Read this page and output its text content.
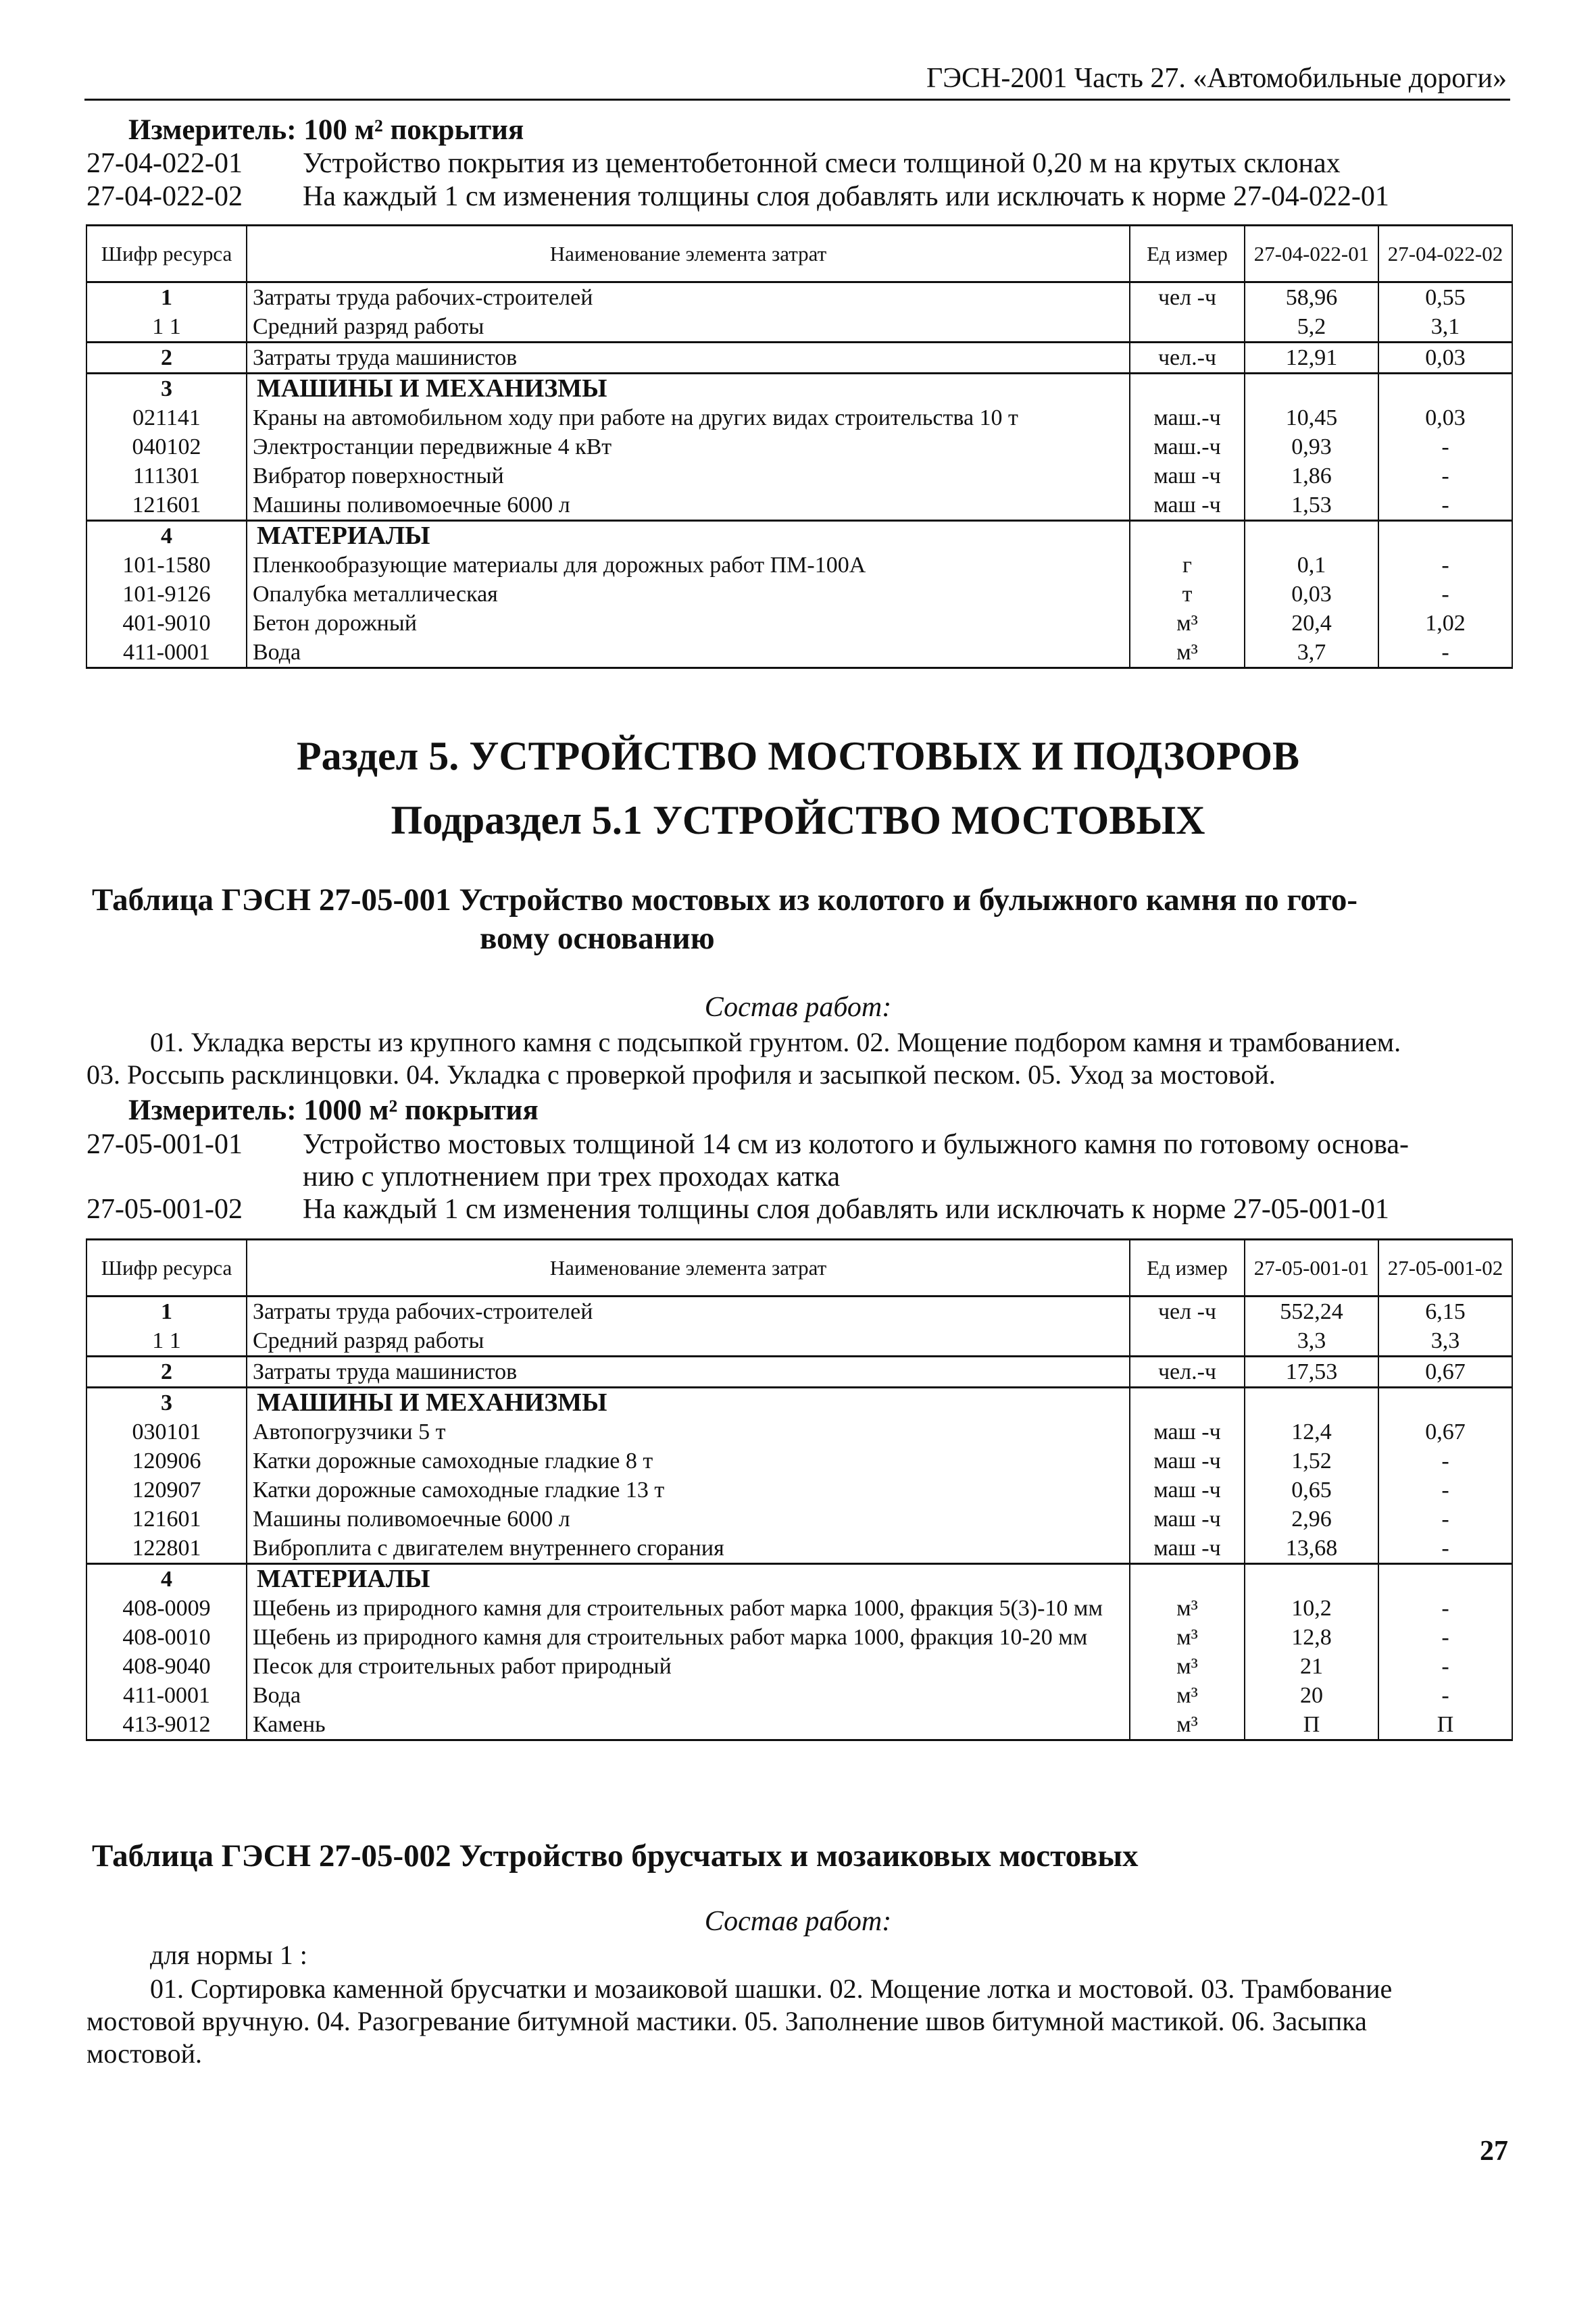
ГЭСН-2001 Часть 27. «Автомобильные дороги»
Измеритель: 100 м² покрытия
27-04-022-01 Устройство покрытия из цементобетонной смеси толщиной 0,20 м на крутых склонах
27-04-022-02 На каждый 1 см изменения толщины слоя добавлять или исключать к норме 27-04-022-01
Шифр ресурса	Наименование элемента затрат	Ед измер	27-04-022-01	27-04-022-02
1	Затраты труда рабочих-строителей	чел -ч	58,96	0,55
1 1	Средний разряд работы		5,2	3,1
2	Затраты труда машинистов	чел.-ч	12,91	0,03
3	МАШИНЫ И МЕХАНИЗМЫ			
021141	Краны на автомобильном ходу при работе на других видах строительства 10 т	маш.-ч	10,45	0,03
040102	Электростанции передвижные 4 кВт	маш.-ч	0,93	-
111301	Вибратор поверхностный	маш -ч	1,86	-
121601	Машины поливомоечные 6000 л	маш -ч	1,53	-
4	МАТЕРИАЛЫ			
101-1580	Пленкообразующие материалы для дорожных работ ПМ-100А	г	0,1	-
101-9126	Опалубка металлическая	т	0,03	-
401-9010	Бетон дорожный	м³	20,4	1,02
411-0001	Вода	м³	3,7	-
Раздел 5. УСТРОЙСТВО МОСТОВЫХ И ПОДЗОРОВ
Подраздел 5.1 УСТРОЙСТВО МОСТОВЫХ
Таблица ГЭСН 27-05-001 Устройство мостовых из колотого и булыжного камня по гото-
вому основанию
Состав работ:
01. Укладка версты из крупного камня с подсыпкой грунтом. 02. Мощение подбором камня и трамбованием.
03. Россыпь расклинцовки. 04. Укладка с проверкой профиля и засыпкой песком. 05. Уход за мостовой.
Измеритель: 1000 м² покрытия
27-05-001-01 Устройство мостовых толщиной 14 см из колотого и булыжного камня по готовому основа-
нию с уплотнением при трех проходах катка
27-05-001-02 На каждый 1 см изменения толщины слоя добавлять или исключать к норме 27-05-001-01
Шифр ресурса	Наименование элемента затрат	Ед измер	27-05-001-01	27-05-001-02
1	Затраты труда рабочих-строителей	чел -ч	552,24	6,15
1 1	Средний разряд работы		3,3	3,3
2	Затраты труда машинистов	чел.-ч	17,53	0,67
3	МАШИНЫ И МЕХАНИЗМЫ			
030101	Автопогрузчики 5 т	маш -ч	12,4	0,67
120906	Катки дорожные самоходные гладкие 8 т	маш -ч	1,52	-
120907	Катки дорожные самоходные гладкие 13 т	маш -ч	0,65	-
121601	Машины поливомоечные 6000 л	маш -ч	2,96	-
122801	Виброплита с двигателем внутреннего сгорания	маш -ч	13,68	-
4	МАТЕРИАЛЫ			
408-0009	Щебень из природного камня для строительных работ марка 1000, фракция 5(3)-10 мм	м³	10,2	-
408-0010	Щебень из природного камня для строительных работ марка 1000, фракция 10-20 мм	м³	12,8	-
408-9040	Песок для строительных работ природный	м³	21	-
411-0001	Вода	м³	20	-
413-9012	Камень	м³	П	П
Таблица ГЭСН 27-05-002 Устройство брусчатых и мозаиковых мостовых
Состав работ:
для нормы 1 :
01. Сортировка каменной брусчатки и мозаиковой шашки. 02. Мощение лотка и мостовой. 03. Трамбование
мостовой вручную. 04. Разогревание битумной мастики. 05. Заполнение швов битумной мастикой. 06. Засыпка
мостовой.
27
